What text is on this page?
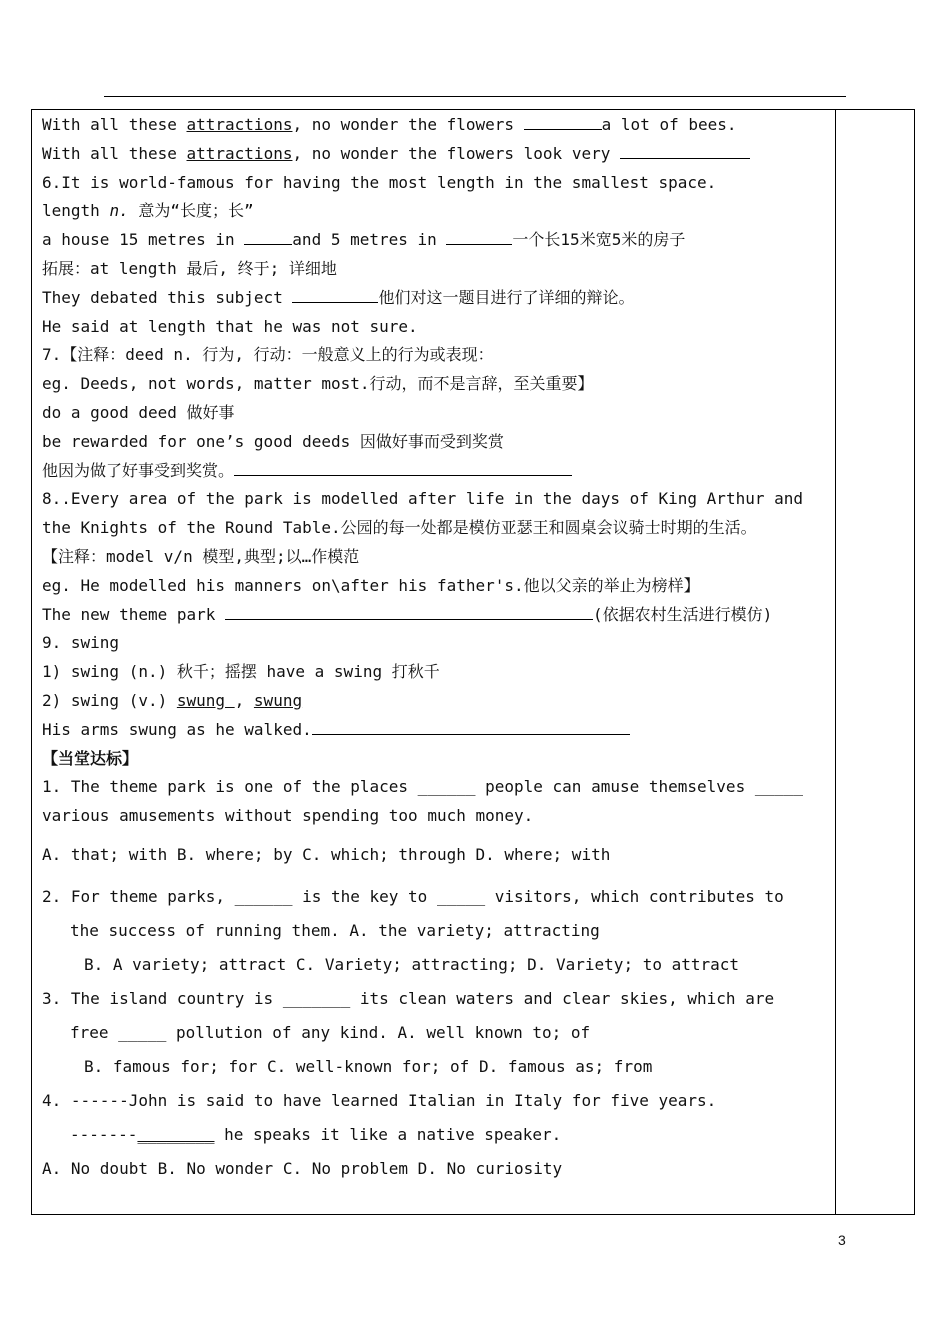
With all these attractions, no wonder the flowers	a lot of bees.
With all these attractions, no wonder the flowers look very
6.It is world-famous for having the most length in the smallest space.
length n. 意为“长度；长”
a house 15 metres in	and 5 metres in	一个长15米宽5米的房子
拓展：at length 最后, 终于; 详细地
They debated this subject	他们对这一题目进行了详细的辩论。
He said at length that he was not sure.
7.【注释：deed n. 行为, 行动：一般意义上的行为或表现：
eg. Deeds, not words, matter most.行动，而不是言辞，至关重要】
do a good deed 做好事
be rewarded for one’s good deeds 因做好事而受到奖赏
他因为做了好事受到奖赏。
8..Every area of the park is modelled after life in the days of King Arthur and the Knights of the Round Table.公园的每一处都是模仿亚瑟王和圆桌会议骑士时期的生活。
【注释：model v/n 模型,典型;以…作模范
eg. He modelled his manners on\after his father's.他以父亲的举止为榜样】
The new theme park	(依据农村生活进行模仿)
9. swing
1) swing (n.) 秋千；摇摆 have a swing 打秋千
2) swing (v.) swung , swung
His arms swung as he walked.
【当堂达标】
1. The theme park is one of the places ______ people can amuse themselves _____ various amusements without spending too much money.
A. that; with B. where; by C. which; through D. where; with
2. For theme parks, ______ is the key to _____ visitors, which contributes to
the success of running them. A. the variety; attracting
B. A variety; attract C. Variety; attracting; D. Variety; to attract
3. The island country is _______ its clean waters and clear skies, which are
free _____ pollution of any kind. A. well known to; of
B. famous for; for C. well-known for; of D. famous as; from
4. ------John is said to have learned Italian in Italy for five years.
-------________ he speaks it like a native speaker.
A. No doubt B. No wonder C. No problem D. No curiosity
3
